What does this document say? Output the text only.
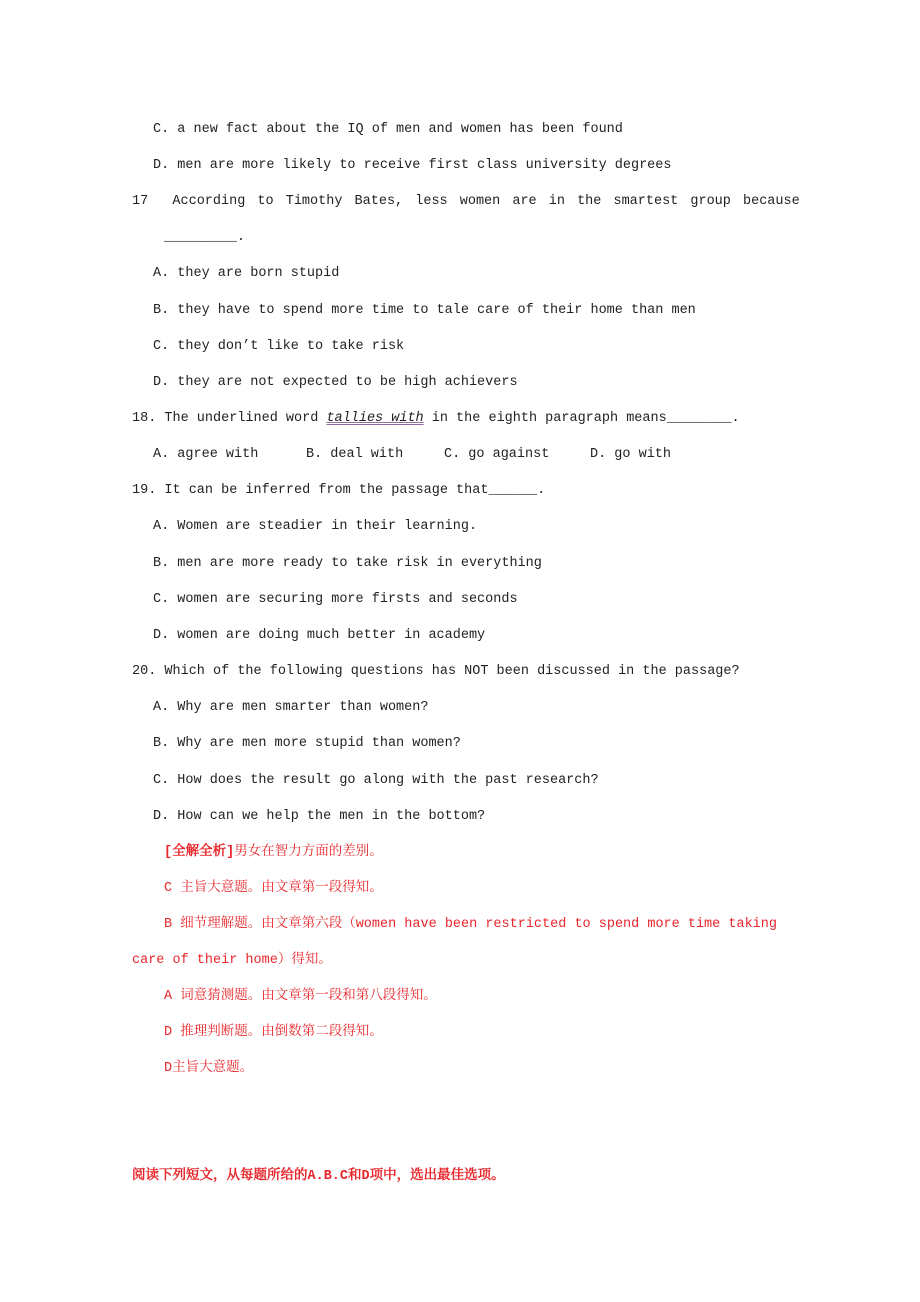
C. a new fact about the IQ of men and women has been found
D. men are more likely to receive first class university degrees
17  According to Timothy Bates, less women are in the smartest group because
_________.
A. they are born stupid
B. they have to spend more time to tale care of their home than men
C. they don’t like to take risk
D. they are not expected to be high achievers
18. The underlined word tallies with in the eighth paragraph means________.
A. agree with	B. deal with	C. go against	D. go with
19. It can be inferred from the passage that______.
A. Women are steadier in their learning.
B. men are more ready to take risk in everything
C. women are securing more firsts and seconds
D. women are doing much better in academy
20. Which of the following questions has NOT been discussed in the passage?
A. Why are men smarter than women?
B. Why are men more stupid than women?
C. How does the result go along with the past research?
D. How can we help the men in the bottom?
[全解全析]男女在智力方面的差别。
C 主旨大意题。由文章第一段得知。
B 细节理解题。由文章第六段（women have been restricted to spend more time taking
care of their home）得知。
A 词意猜测题。由文章第一段和第八段得知。
D 推理判断题。由倒数第二段得知。
D主旨大意题。
阅读下列短文，从每题所给的A.B.C和D项中，选出最佳选项。
